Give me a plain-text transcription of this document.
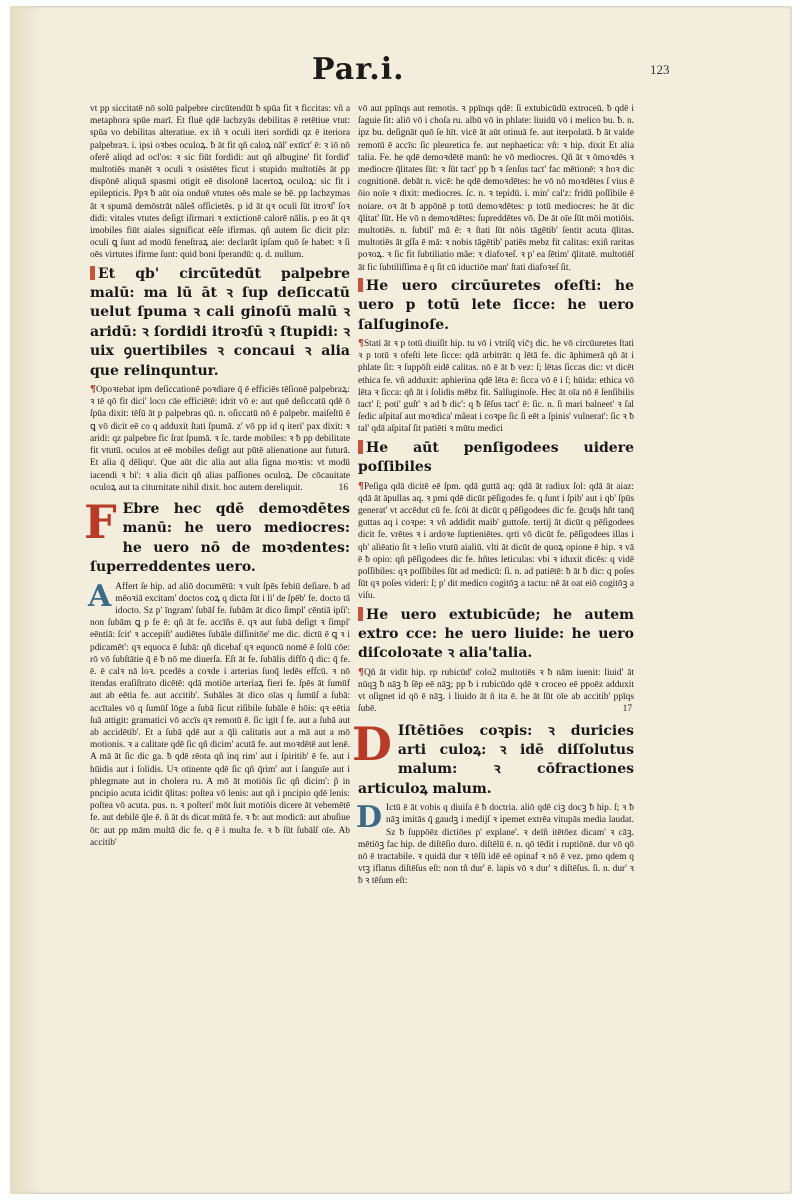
Par.i.	123

vt pp siccitatē nō solū palpebre circūtendūt ƀ spūa fit ꝛ ficcitas: vñ a metaphora spūe marī. Et fluē qdē lacbzyās debilitas ē retētiue vtut: spūa vo debilitas alteratiue. ex iñ ꝛ oculi iteri sordidi qz ē iteriora palpebraꝛ. i. ipsi oꝛbes oculoꝝ. ƀ āt fit qñ caloꝝ nāl' extīct' ē: ꝛ iō nō oferẽ aliqd ad ocl'os: ꝛ sic fiūt fordidi: aut qñ albugine' fit fordid' multotiēs manēt ꝛ oculi ꝛ osistētes ficut i stupido multotiēs āt pp dispōnē aliquā spasmi otigit eē disolonē lacertoꝝ oculoꝝ: sic fit i epilepticis. Ppꝛ ƀ aūt oia onduē vtutes oēs male se bē. pp lacbzymas āt ꝛ spumā demōstrāt nāleš ofſicietēs. p id āt qꝛ oculi ſūt itroꝛſ' ſoꝛ didi: vitales vtutes deſigt iſirmari ꝛ extictionē calorē nālis. p eo āt qꝛ imobiles fiūt aiales significat eēſe ifirmas. qñ autem ſic dicit plz: oculi ꝗ ſunt ad modū feneſtraꝝ aie: declarāt ipſam quō ſe habet: ꝛ ſi oēs virtutes ifirme ſunt: quid boni ſperandū: q. d. nullum.

Et qb' circūtedūt palpebre malū: ma lū āt ꝛ ſup deſiccatū uelut ſpuma ꝛ cali ginoſū malū ꝛ aridū: ꝛ ſordidi itroꝛſū ꝛ ſtupidi: ꝛ uix ꝯuertibiles ꝛ concaui ꝛ alia que relinquntur.

¶Opoꝛtebat ipm deſiccationē poꝛdiare q̄ ē efficiēs tēſionē palpebraꝝ: ꝛ tē qō fit dici' loco cāe efficiētē: idrit vō e: aut quē deſiccatū qdē ō ſpūa dixit: tēſū āt p palpebras qū. n. oſiccatū nō ē palpebr. maiſeſtū ē ꝗ vō dicit eē co q adduxit ſtati ſpumā. z' vō pp id q iteri' pax dixit: ꝛ aridi: qz palpebre fic ſrat ſpumā. ꝛ ſc. tarde mobiles: ꝛ ƀ pp debilitate fit vtutū. oculos at eē mobiles deſigt aut pūtē alienatione aut futurā. Et alia q̄ dēliquᵗ. Que aūt dic alia aut alia ſigna moꝛtis: vt modū iacendi ꝛ bi': ꝛ alia dicit qñ alias paſſiones oculoꝝ. De cōcauitate oculoꝝ aut ta citurnitate nihil dixit. hoc autem dereliquit.	16

F Ebre hec qdē demoꝛdētes manū: he uero mediocres: he uero nō de moꝛdentes: ſuperreddentes uero.

A Affert ſe hip. ad aliō documētū: ꝛ vult ſpēs febiū deſiare. ƀ ad mēoꝛiā excitam' doctos coꝝ q dicta ſūt i li' de ſpēb' fe. docto tā idocto. Sz p' īngram' ſubāſ fe. ſubām āt dico ſimpl' cēntiā ipſi': non ſubām ꝗ p fe ē: qñ āt fe. accīñs ē. qꝛ aut ſubā deſigt ꝛ ſimpl' eēntiā: ſcit' ꝛ accepiſt' audiētes ſubāle diſſinitōe' me dic. dictū ē ꝗ ꝛ i pdicamēt': qꝛ equoca ē ſubā: qñ dicebaf qꝛ equocū nomē ē ſolū cōe: rō vō ſubſtātie q̄ ē ƀ nō me diuerſa. Eſt āt fe. ſubālis diffō q̄ dic: q̄ fe. ē. ē calꝛ nā loꝛ. pcedēs a coꝛde i arterias ſuoq̄ ledēs effcū. ꝛ nō itendas eraſiſtrato dicētē: qdā motiōe arteriaꝝ fieri fe. ſpēs āt ſumūf aut ab eētia fe. aut accitib'. Subāles āt dico oīas q ſumūſ a ſubā: accītales vō q ſumūſ lōge a ſubā ſicut riſibile ſubāle ē hōis: qꝛ eētia ſuā attigit: gramatici vō accīs qꝛ remotū ē. ſic igit ſ fe. aut a ſubā aut ab accidētib'. Et a ſubā qdē aut a q̄li calitatis aut a mā aut a mō motionis. ꝛ a calitate qdē ſic qñ dicim' acutā fe. aut moꝛdētē aut lenē. A mā āt ſic dic ga. ƀ qdē rēota qñ inq rim' aut i ſpiritib' ē fe. aut i hūidis aut i ſolidis. Uꝛ otinente qdē ſic qñ q̄rim' aut i ſanguīe aut i phlegmate aut in cholera ru. A mō āt motiōis ſic qñ dicim': p̃ in pncipio acuta icidit q̄litas: poſtea vō lenis: aut qñ i pncipio qdē lenis: poſtea vō acuta. pus. n. ꝛ poſteri' mōt ſuit motiōis dicere āt vebemētē fe. aut debilē q̄le ē. ñ āt ds dicat mūtā fe. ꝛ ƀ: aut modicā: aut abuſiue ōt: aut pp mām multā dic fe. q ē i multa fe. ꝛ ƀ ſūt ſubālſ oīe. Ab accitib'

vō aut ppīnqs aut remotis. ꝛ ppīnqs qdē: ſi extubicūdū extroceū. ƀ qdē i ſaguie ſit: aliō vō i choſa ru. albū vō in phlate: liuidū vō i melico bu. ƀ. n. ipz bu. deſignāt quō ſe hīt. vicē āt aūt otinuā fe. aut iterpolatā. ƀ āt valde remotū ē accīs: ſic pleuretica fe. aut nephaetica: vñ: ꝛ hip. dixit Et alia talia. Fe. he qdē demoꝛdētē manū: he vō mediocres. Qñ āt ꝛ ōmoꝛdēs ꝛ mediocre q̄litates ſūt: ꝛ ſūt tact' pp ƀ ꝛ ſenſus tact' fac mētionē: ꝛ hoꝛ dic cognitionē. debāt n. vicē: he qdē demoꝛdētes: he vō nō moꝛdētes ſ vius ē ōio noīe ꝛ dixit: mediocres. ſc. n. ꝛ tepidū. i. min' cal'z: fridū poſſibile ē noiare. oꝛ āt ƀ appōnē p totū demoꝛdētes: p totū mediocres: he āt dic q̄litat' ſūt. He vō n demoꝛdētes: ſupreddētes vō. De āt oīe ſūt mōi motiōis. multotiēs. n. ſubtil' mā ē: ꝛ ſtati ſūt nōis tāgētib' ſentit acuta q̄litas. multotiēs āt gſſa ē mā: ꝛ nobis tāgētib' patiēs mebz fit calitas: exiñ raritas poꝛoꝝ. ꝛ ſic fit ſubtiliatio mãe: ꝛ diafoꝛeſ. ꝛ p' ea ſētim' q̄litatē. multotiēſ āt fic ſubtiliſſima ē q ſit cū iductiōe man' ſtati diafoꝛeſ ſit.

He uero circūuretes ofeſti: he uero p totū lete ſicce: he uero ſalſuginoſe.

¶Stati āt ꝛ p totū diuiſit hip. tu vō i vtriſq̄ vic̄ȝ dic. he vō circūuretes ſtati ꝛ p totū ꝛ ofeſti lete ſicce: qdā arbitrāt: q lētā fe. dic āphimerā qñ āt i phlate ſit: ꝛ ſuppōſt eidē calitas. nō ē āt ƀ vez: ſ; lētas ſiccas dic: vt dicēt ethica fe. vñ adduxit: aphierina qdē lēta ē: ſicca vō ē i ſ; hūida: ethica vō lēta ꝛ ſicca: qñ āt i ſolidis mēbz fit. Salſuginoſe. Hec āt oīa nō ē ſenſibilis tact' ſ; poti' guſt' ꝛ ad ƀ dic': q ƀ ſēſus tact' ē: ſic. n. ſi mari balneet' ꝛ ſal ſedic aſpitaſ aut moꝛdica' mãeat i coꝛpe ſic ſi eēt a ſpinis' vulnerat': ſic ꝛ ƀ tal' qdā aſpitaſ ſit patiēti ꝛ mūtu medici

He aūt penſigodees uidere poſſibiles

¶Peſiga qdā dicitē eē ſpm. qdā guttā aq: qdā āt radiux ſol: qdā āt aiaz: qdā āt āpullas aq. ꝛ pmi qdē dicūt pēſigodes fe. q ſunt i ſpib' aut i qb' ſpūs generat' vt accēdut cū fe. ſcōi āt dicūt q pēſigodees dic fe. ḡcuq̄s hñt tanq̄ guttas aq i coꝛpe: ꝛ vñ addidit maib' guttoſe. tertij āt dicūt q pēſigodees dicit fe. vrētes ꝛ i ardoꝛe ſuptieniētes. qrti vō dicūt fe. pēſigodees illas i qb' aliēatio ſit ꝛ leſio vtutū aialiū. vlti āt dicūt de quoꝝ opione ē hip. ꝛ vā ē ƀ opio: qñ pēſigodees dic fe. hñtes leticulas: vbi ꝛ iduxit dicēs: q vidē poſſibiles: qꝛ poſſibiles ſūt ad medicū: ſi. n. ad patiētē: ƀ āt ƀ dic: q poſes ſūt qꝛ poſes videri: ſ; p' dit medico cogitōꝫ a tactu: nē āt oat eiō cogitōꝫ a viſu.

He uero extubicūde; he autem extro cce: he uero liuide: he uero diſcoloꝛate ꝛ alia'talia.

¶Qñ āt vidit hip. rp rubicūd' colo2 multotiēs ꝛ ƀ nām iuenit: liuid' āt nūqꝫ ƀ nāꝫ ƀ ſēp eē nāꝫ; pp ƀ i rubicūdo qdē ꝛ croceo eē ppoēz adduxit vt oſignet id qō ē nāꝫ. i liuido āt ñ ita ē. he āt ſūt oīe ab accitib' ppīqs ſubē.	17

D Iſtētiōes coꝛpis: ꝛ duricies arti culoꝝ: ꝛ idē diſſolutus malum: ꝛ cōfractiones articuloꝝ malum.

D Ictū ē āt vobis q diuiſa ē ƀ doctria. aliō qdē ciꝫ docꝫ ƀ hip. ſ; ꝛ ƀ nāꝫ imitās q̄ gaudꝫ i medijſ ꝛ ipemet extrēa vitupās media laudat. Sz ƀ ſuppōēz dictiōes p' explane'. ꝛ deīñ itētōez dicam' ꝛ cāꝫ. mētiōꝫ fac hip. de diſtēſio duro. diſtēlū ē. n. qō tēdit i ruptiōnē. dur vō qō nō ē tractabile. ꝛ quidā dur ꝛ tēſū idē eē opinaf ꝛ nō ē vez. pmo qdem q vtꝫ iflatus diſtēſus eſt: non tñ dur' ē. lapis vō ꝛ dur' ꝛ diſtēſus. ſi. n. dur' ꝛ ƀ ꝛ tēſum eſt:
